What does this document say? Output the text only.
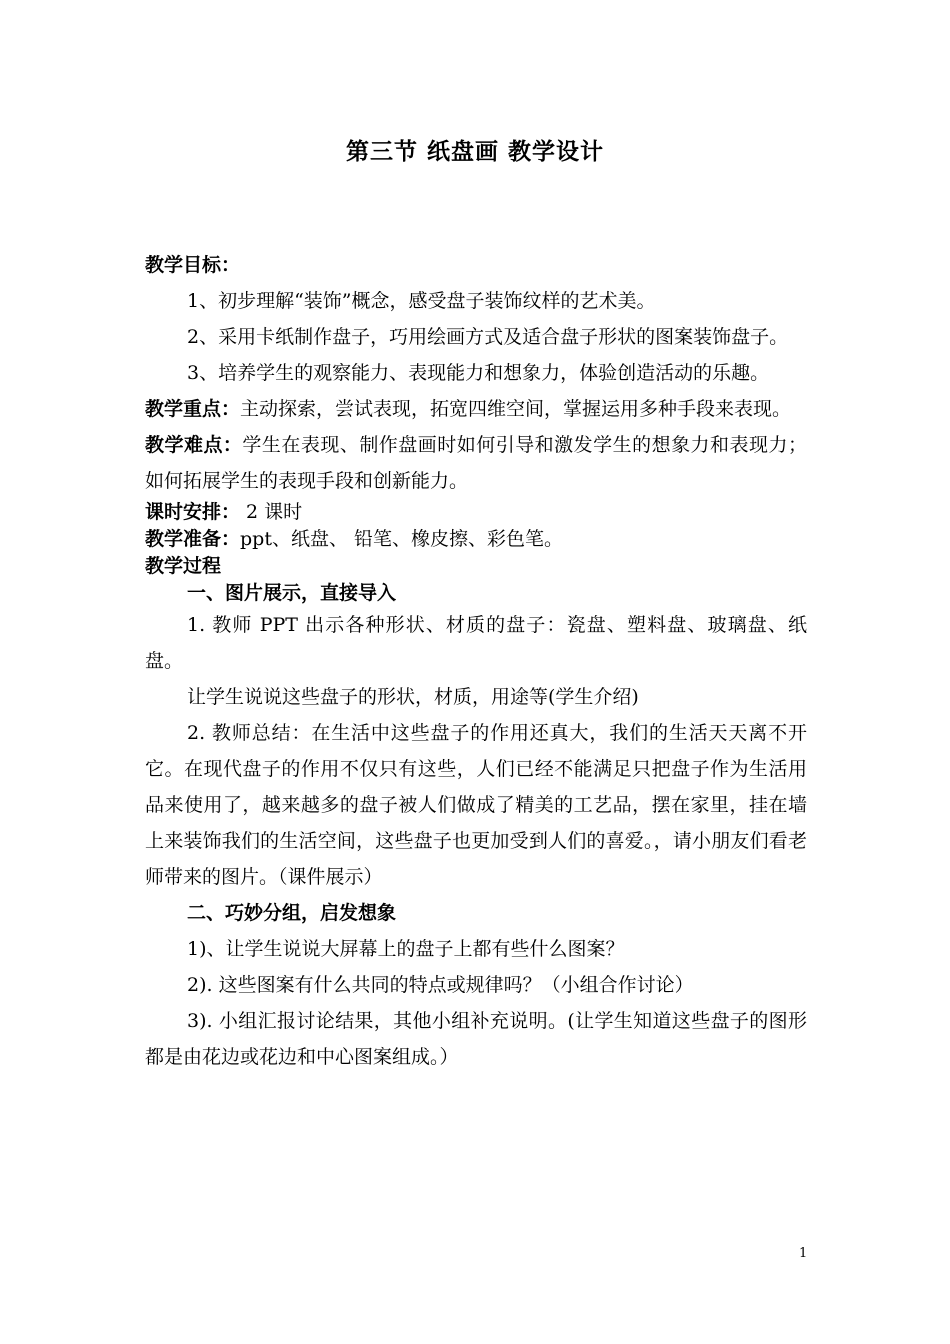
第三节 纸盘画 教学设计

教学目标：

1、初步理解“装饰”概念，感受盘子装饰纹样的艺术美。

2、采用卡纸制作盘子，巧用绘画方式及适合盘子形状的图案装饰盘子。

3、培养学生的观察能力、表现能力和想象力，体验创造活动的乐趣。

教学重点：主动探索，尝试表现，拓宽四维空间，掌握运用多种手段来表现。

教学难点：学生在表现、制作盘画时如何引导和激发学生的想象力和表现力；如何拓展学生的表现手段和创新能力。

课时安排： 2 课时

教学准备：ppt、纸盘、 铅笔、橡皮擦、彩色笔。

教学过程

一、图片展示，直接导入

1. 教师 PPT 出示各种形状、材质的盘子：瓷盘、塑料盘、玻璃盘、纸盘。

让学生说说这些盘子的形状，材质，用途等(学生介绍)

2. 教师总结：在生活中这些盘子的作用还真大，我们的生活天天离不开它。在现代盘子的作用不仅只有这些，人们已经不能满足只把盘子作为生活用品来使用了，越来越多的盘子被人们做成了精美的工艺品，摆在家里，挂在墙上来装饰我们的生活空间，这些盘子也更加受到人们的喜爱。，请小朋友们看老师带来的图片。（课件展示）

二、巧妙分组，启发想象

1)、让学生说说大屏幕上的盘子上都有些什么图案？

2). 这些图案有什么共同的特点或规律吗？（小组合作讨论）

3). 小组汇报讨论结果，其他小组补充说明。(让学生知道这些盘子的图形都是由花边或花边和中心图案组成。）

1
